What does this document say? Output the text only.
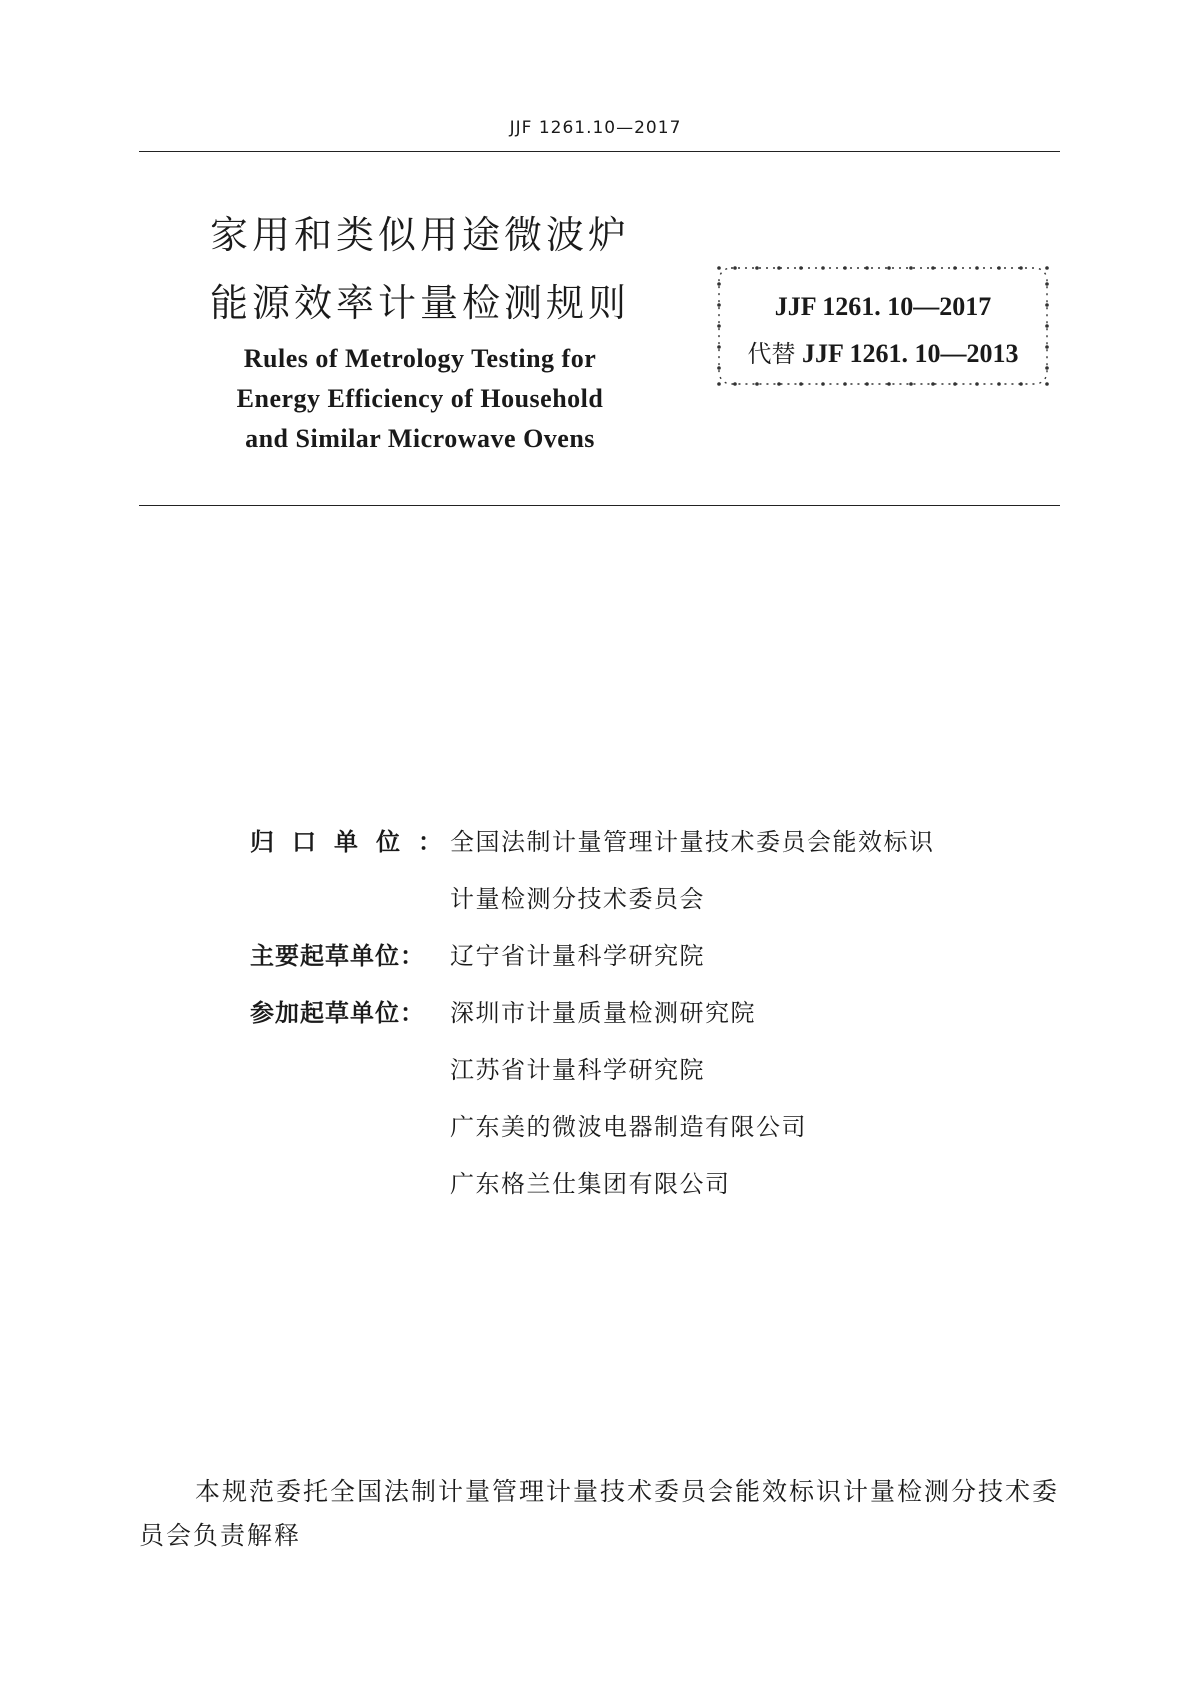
JJF 1261.10—2017
家用和类似用途微波炉
能源效率计量检测规则
Rules of Metrology Testing for
Energy Efficiency of Household
and Similar Microwave Ovens
JJF 1261. 10—2017
代替 JJF 1261. 10—2013
归口单位：
全国法制计量管理计量技术委员会能效标识
计量检测分技术委员会
主要起草单位： 辽宁省计量科学研究院
参加起草单位： 深圳市计量质量检测研究院
江苏省计量科学研究院
广东美的微波电器制造有限公司
广东格兰仕集团有限公司
本规范委托全国法制计量管理计量技术委员会能效标识计量检测分技术委员会负责解释
